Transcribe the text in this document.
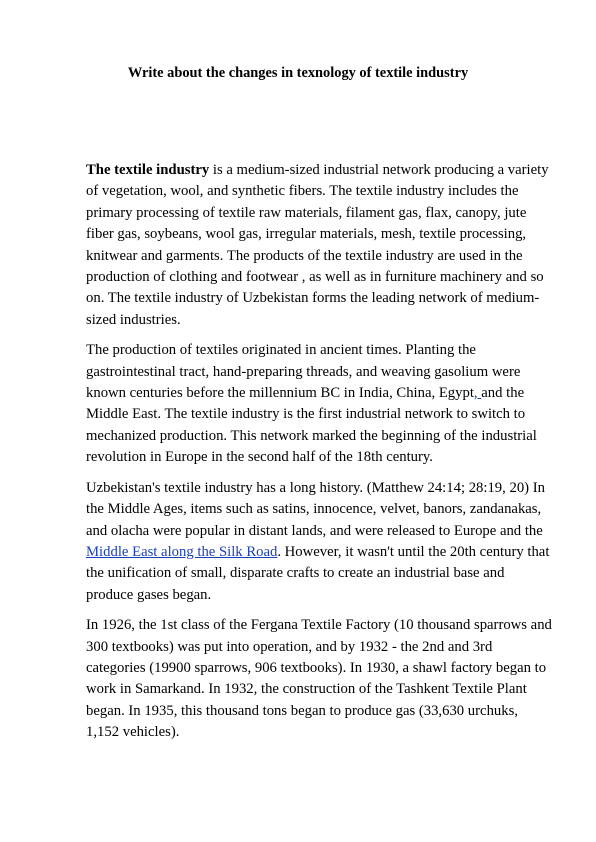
Write about the changes in texnology of textile industry

The textile industry is a medium-sized industrial network producing a variety of vegetation, wool, and synthetic fibers. The textile industry includes the primary processing of textile raw materials, filament gas, flax, canopy, jute fiber gas, soybeans, wool gas, irregular materials, mesh, textile processing, knitwear and garments. The products of the textile industry are used in the production of clothing and footwear , as well as in furniture machinery and so on. The textile industry of Uzbekistan forms the leading network of medium-sized industries.

The production of textiles originated in ancient times. Planting the gastrointestinal tract, hand-preparing threads, and weaving gasolium were known centuries before the millennium BC in India, China, Egypt, and the Middle East. The textile industry is the first industrial network to switch to mechanized production. This network marked the beginning of the industrial revolution in Europe in the second half of the 18th century.

Uzbekistan's textile industry has a long history. (Matthew 24:14; 28:19, 20) In the Middle Ages, items such as satins, innocence, velvet, banors, zandanakas, and olacha were popular in distant lands, and were released to Europe and the Middle East along the Silk Road. However, it wasn't until the 20th century that the unification of small, disparate crafts to create an industrial base and produce gases began.

In 1926, the 1st class of the Fergana Textile Factory (10 thousand sparrows and 300 textbooks) was put into operation, and by 1932 - the 2nd and 3rd categories (19900 sparrows, 906 textbooks). In 1930, a shawl factory began to work in Samarkand. In 1932, the construction of the Tashkent Textile Plant began. In 1935, this thousand tons began to produce gas (33,630 urchuks, 1,152 vehicles).
